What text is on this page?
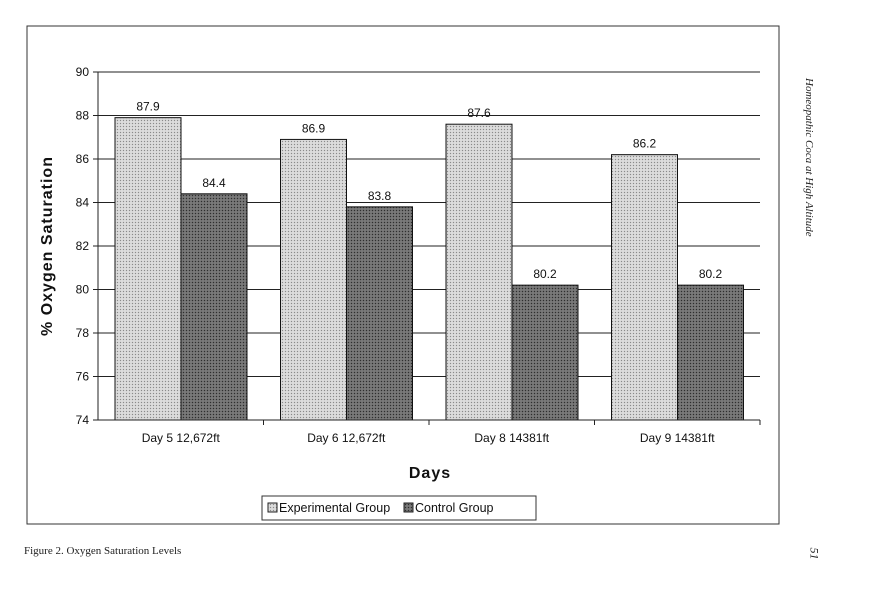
74
76
78
80
82
84
86
88
90
Day 5 12,672ft	Day 6 12,672ft	Day 8 14381ft	Day 9 14381ft
87.9
84.4
86.9
83.8
87.6
80.2
86.2
80.2
% Oxygen Saturation
Days
Experimental Group Control Group
Figure 2. Oxygen Saturation Levels
Homeopathic Coca at High Altitude
51
